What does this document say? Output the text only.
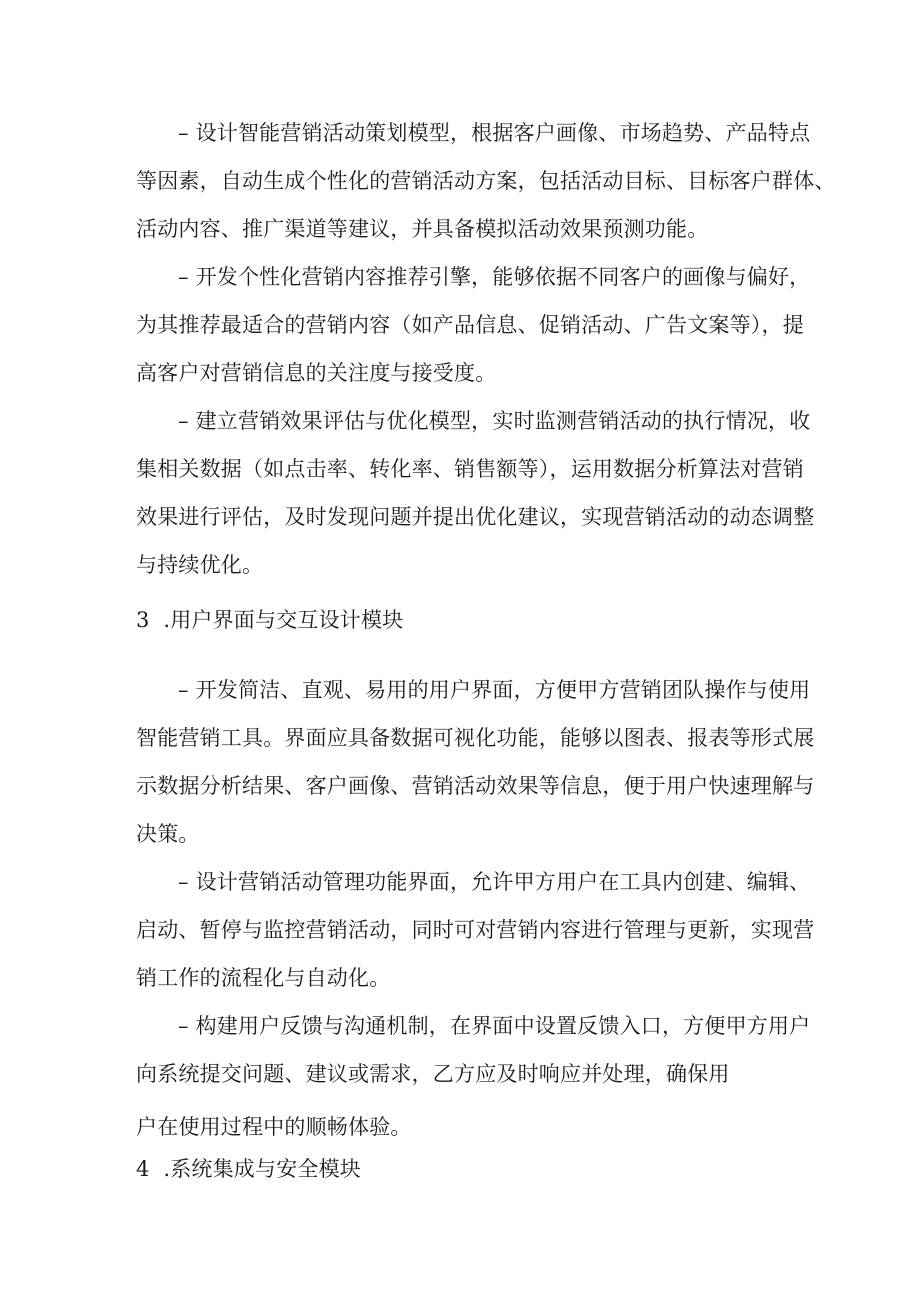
– 设计智能营销活动策划模型，根据客户画像、市场趋势、产品特点
等因素，自动生成个性化的营销活动方案，包括活动目标、目标客户群体、
活动内容、推广渠道等建议，并具备模拟活动效果预测功能。
– 开发个性化营销内容推荐引擎，能够依据不同客户的画像与偏好，
为其推荐最适合的营销内容（如产品信息、促销活动、广告文案等），提
高客户对营销信息的关注度与接受度。
– 建立营销效果评估与优化模型，实时监测营销活动的执行情况，收
集相关数据（如点击率、转化率、销售额等），运用数据分析算法对营销
效果进行评估，及时发现问题并提出优化建议，实现营销活动的动态调整
与持续优化。
3 .用户界面与交互设计模块
– 开发简洁、直观、易用的用户界面，方便甲方营销团队操作与使用
智能营销工具。界面应具备数据可视化功能，能够以图表、报表等形式展
示数据分析结果、客户画像、营销活动效果等信息，便于用户快速理解与
决策。
– 设计营销活动管理功能界面，允许甲方用户在工具内创建、编辑、
启动、暂停与监控营销活动，同时可对营销内容进行管理与更新，实现营
销工作的流程化与自动化。
– 构建用户反馈与沟通机制，在界面中设置反馈入口，方便甲方用户
向系统提交问题、建议或需求，乙方应及时响应并处理，确保用
户在使用过程中的顺畅体验。
4 .系统集成与安全模块
